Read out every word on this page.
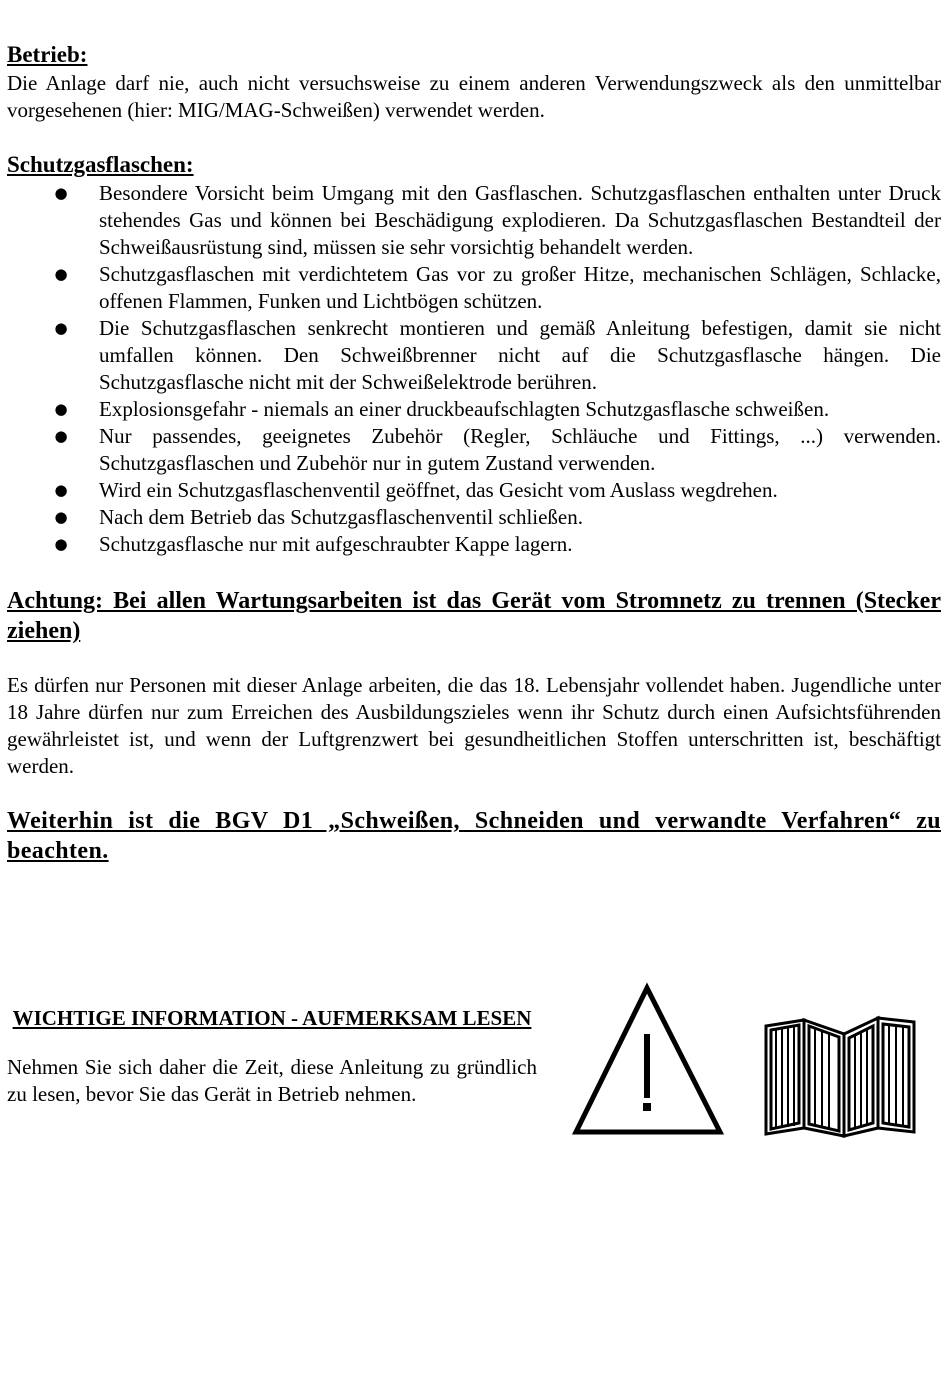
Betrieb:

Die Anlage darf nie, auch nicht versuchsweise zu einem anderen Verwendungszweck als den unmittelbar vorgesehenen (hier: MIG/MAG-Schweißen) verwendet werden.

Schutzgasflaschen:
● Besondere Vorsicht beim Umgang mit den Gasflaschen. Schutzgasflaschen enthalten unter Druck stehendes Gas und können bei Beschädigung explodieren. Da Schutzgasflaschen Bestandteil der Schweißausrüstung sind, müssen sie sehr vorsichtig behandelt werden.
● Schutzgasflaschen mit verdichtetem Gas vor zu großer Hitze, mechanischen Schlägen, Schlacke, offenen Flammen, Funken und Lichtbögen schützen.
● Die Schutzgasflaschen senkrecht montieren und gemäß Anleitung befestigen, damit sie nicht umfallen können. Den Schweißbrenner nicht auf die Schutzgasflasche hängen. Die Schutzgasflasche nicht mit der Schweißelektrode berühren.
● Explosionsgefahr - niemals an einer druckbeaufschlagten Schutzgasflasche schweißen.
● Nur passendes, geeignetes Zubehör (Regler, Schläuche und Fittings, ...) verwenden. Schutzgasflaschen und Zubehör nur in gutem Zustand verwenden.
● Wird ein Schutzgasflaschenventil geöffnet, das Gesicht vom Auslass wegdrehen.
● Nach dem Betrieb das Schutzgasflaschenventil schließen.
● Schutzgasflasche nur mit aufgeschraubter Kappe lagern.
Achtung: Bei allen Wartungsarbeiten ist das Gerät vom Stromnetz zu trennen (Stecker ziehen)

Es dürfen nur Personen mit dieser Anlage arbeiten, die das 18. Lebensjahr vollendet haben. Jugendliche unter 18 Jahre dürfen nur zum Erreichen des Ausbildungszieles wenn ihr Schutz durch einen Aufsichtsführenden gewährleistet ist, und wenn der Luftgrenzwert bei gesundheitlichen Stoffen unterschritten ist, beschäftigt werden.

Weiterhin ist die BGV D1 „Schweißen, Schneiden und verwandte Verfahren“ zu beachten.
WICHTIGE INFORMATION - AUFMERKSAM LESEN

Nehmen Sie sich daher die Zeit, diese Anleitung zu gründlich zu lesen, bevor Sie das Gerät in Betrieb nehmen.
